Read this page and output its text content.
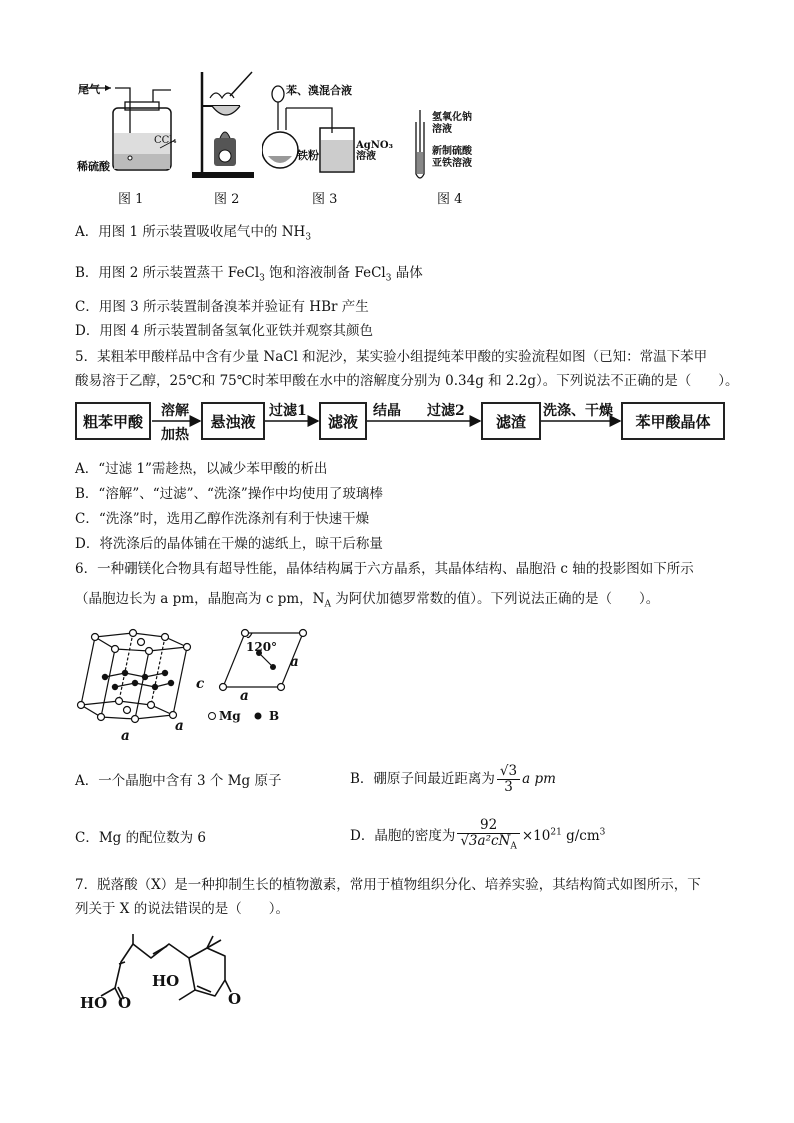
尾气
CCl₄
稀硫酸
图 1	图 2
苯、溴混合液
铁粉
AgNO₃
溶液
图 3
氢氧化钠
溶液
新制硫酸
亚铁溶液
图 4
A．用图 1 所示装置吸收尾气中的 $NH_3$
B．用图 2 所示装置蒸干 FeCl$_3$ 饱和溶液制备 FeCl$_3$ 晶体
C．用图 3 所示装置制备溴苯并验证有 HBr 产生
D．用图 4 所示装置制备氢氧化亚铁并观察其颜色
5．某粗苯甲酸样品中含有少量 NaCl 和泥沙，某实验小组提纯苯甲酸的实验流程如图（已知：常温下苯甲
酸易溶于乙醇，25℃和 75℃时苯甲酸在水中的溶解度分别为 0.34g 和 2.2g）。下列说法不正确的是（　　）。
粗苯甲酸
溶解
加热
悬浊液
过滤1
滤液
结晶 过滤2
滤渣
洗涤、干燥
苯甲酸晶体
A．“过滤 1”需趁热，以减少苯甲酸的析出
B．“溶解”、“过滤”、“洗涤”操作中均使用了玻璃棒
C．“洗涤”时，选用乙醇作洗涤剂有利于快速干燥
D．将洗涤后的晶体铺在干燥的滤纸上，晾干后称量
6．一种硼镁化合物具有超导性能，晶体结构属于六方晶系，其晶体结构、晶胞沿 c 轴的投影图如下所示
（晶胞边长为 a pm，晶胞高为 c pm，$N_A$ 为阿伏加德罗常数的值）。下列说法正确的是（　　）。
a
a
c
120°
a
a
Mg B
A．一个晶胞中含有 3 个 Mg 原子	B．硼原子间最近距离为 $\frac{√3}{3}$ a pm
C．Mg 的配位数为 6	D．晶胞的密度为 $\frac{92}{√3a^2cN_A} \times 10^{21}$ $g/cm^3$
7．脱落酸（X）是一种抑制生长的植物激素，常用于植物组织分化、培养实验，其结构简式如图所示，下
列关于 X 的说法错误的是（　　）。
HO O
HO
O
